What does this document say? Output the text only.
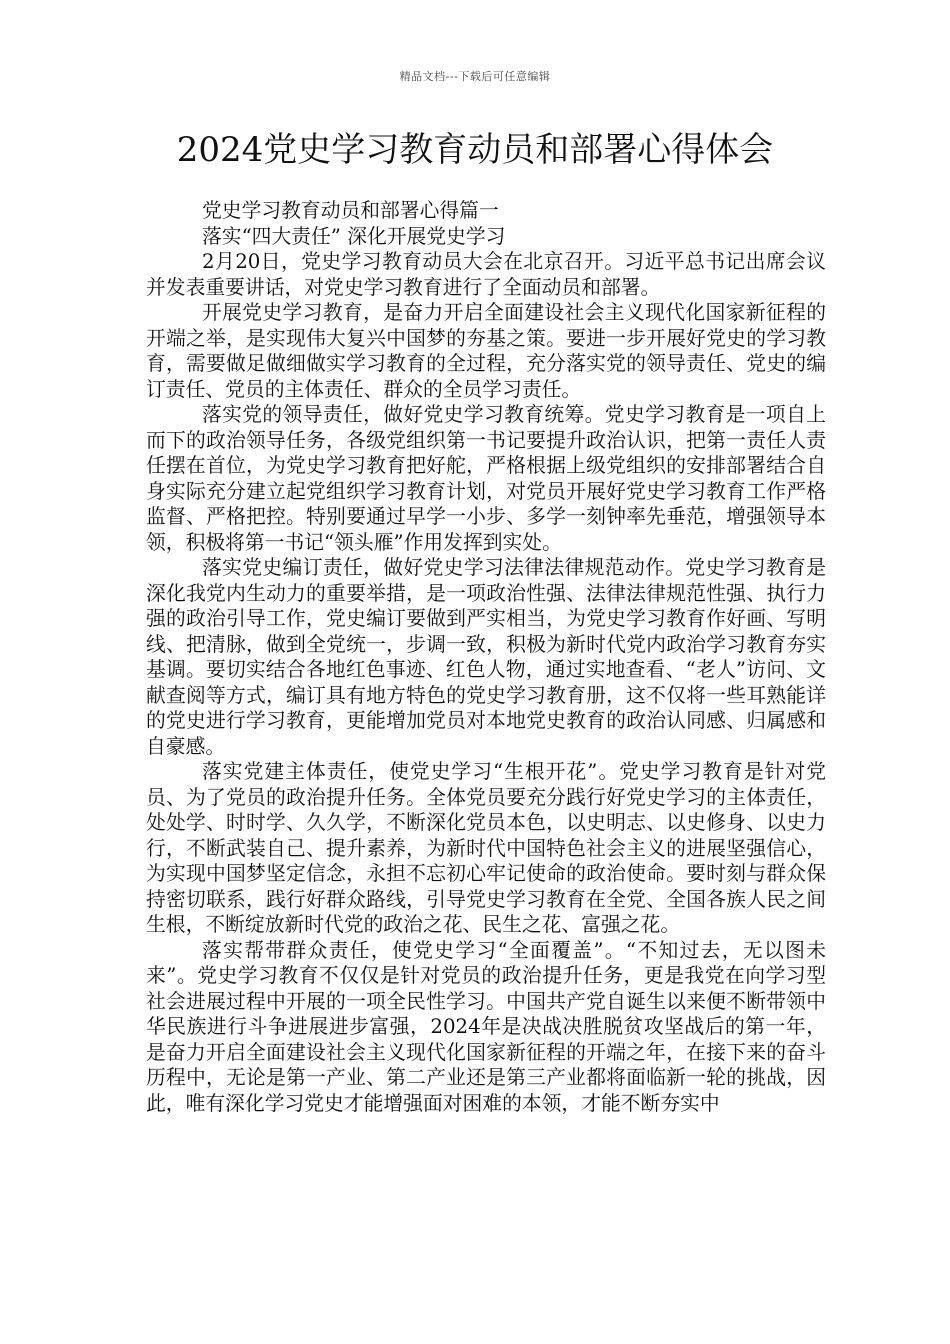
精品文档---下载后可任意编辑
2024党史学习教育动员和部署心得体会

党史学习教育动员和部署心得篇一

落实“四大责任” 深化开展党史学习

2月20日，党史学习教育动员大会在北京召开。习近平总书记出席会议并发表重要讲话，对党史学习教育进行了全面动员和部署。

开展党史学习教育，是奋力开启全面建设社会主义现代化国家新征程的开端之举，是实现伟大复兴中国梦的夯基之策。要进一步开展好党史的学习教育，需要做足做细做实学习教育的全过程，充分落实党的领导责任、党史的编订责任、党员的主体责任、群众的全员学习责任。

落实党的领导责任，做好党史学习教育统筹。党史学习教育是一项自上而下的政治领导任务，各级党组织第一书记要提升政治认识，把第一责任人责任摆在首位，为党史学习教育把好舵，严格根据上级党组织的安排部署结合自身实际充分建立起党组织学习教育计划，对党员开展好党史学习教育工作严格监督、严格把控。特别要通过早学一小步、多学一刻钟率先垂范，增强领导本领，积极将第一书记“领头雁”作用发挥到实处。

落实党史编订责任，做好党史学习法律法律规范动作。党史学习教育是深化我党内生动力的重要举措，是一项政治性强、法律法律规范性强、执行力强的政治引导工作，党史编订要做到严实相当，为党史学习教育作好画、写明线、把清脉，做到全党统一，步调一致，积极为新时代党内政治学习教育夯实基调。要切实结合各地红色事迹、红色人物，通过实地查看、“老人”访问、文献查阅等方式，编订具有地方特色的党史学习教育册，这不仅将一些耳熟能详的党史进行学习教育，更能增加党员对本地党史教育的政治认同感、归属感和自豪感。

落实党建主体责任，使党史学习“生根开花”。党史学习教育是针对党员、为了党员的政治提升任务。全体党员要充分践行好党史学习的主体责任，处处学、时时学、久久学，不断深化党员本色，以史明志、以史修身、以史力行，不断武装自己、提升素养，为新时代中国特色社会主义的进展坚强信心，为实现中国梦坚定信念，永担不忘初心牢记使命的政治使命。要时刻与群众保持密切联系，践行好群众路线，引导党史学习教育在全党、全国各族人民之间生根，不断绽放新时代党的政治之花、民生之花、富强之花。

落实帮带群众责任，使党史学习“全面覆盖”。“不知过去，无以图未来”。党史学习教育不仅仅是针对党员的政治提升任务，更是我党在向学习型社会进展过程中开展的一项全民性学习。中国共产党自诞生以来便不断带领中华民族进行斗争进展进步富强，2024年是决战决胜脱贫攻坚战后的第一年，是奋力开启全面建设社会主义现代化国家新征程的开端之年，在接下来的奋斗历程中，无论是第一产业、第二产业还是第三产业都将面临新一轮的挑战，因此，唯有深化学习党史才能增强面对困难的本领，才能不断夯实中
